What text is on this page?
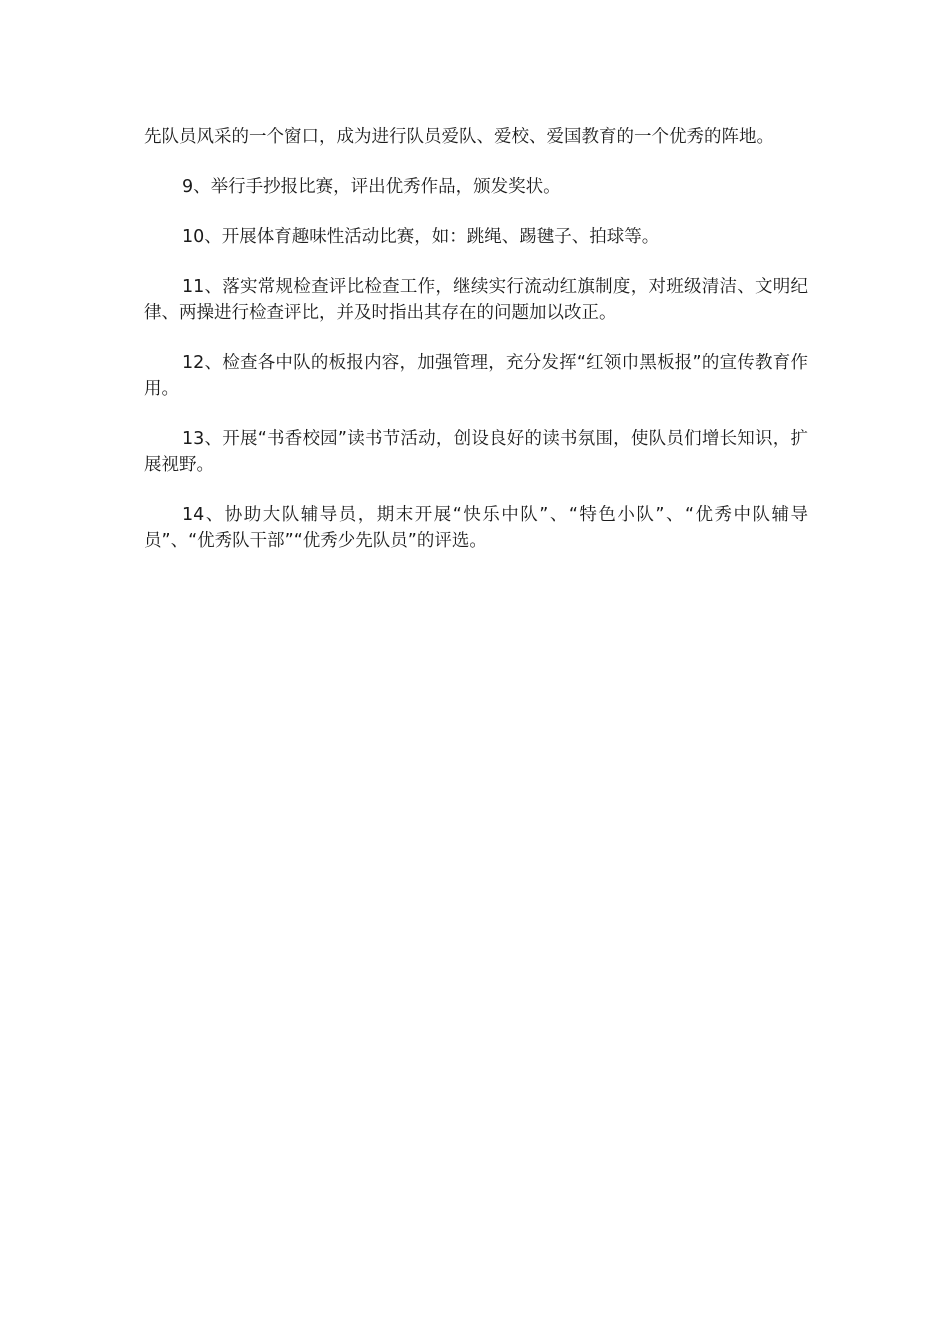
先队员风采的一个窗口，成为进行队员爱队、爱校、爱国教育的一个优秀的阵地。

9、举行手抄报比赛，评出优秀作品，颁发奖状。

10、开展体育趣味性活动比赛，如：跳绳、踢毽子、拍球等。

11、落实常规检查评比检查工作，继续实行流动红旗制度，对班级清洁、文明纪律、两操进行检查评比，并及时指出其存在的问题加以改正。

12、检查各中队的板报内容，加强管理，充分发挥“红领巾黑板报”的宣传教育作用。

13、开展“书香校园”读书节活动，创设良好的读书氛围，使队员们增长知识，扩展视野。

14、协助大队辅导员，期末开展“快乐中队”、“特色小队”、“优秀中队辅导员”、“优秀队干部”“优秀少先队员”的评选。
